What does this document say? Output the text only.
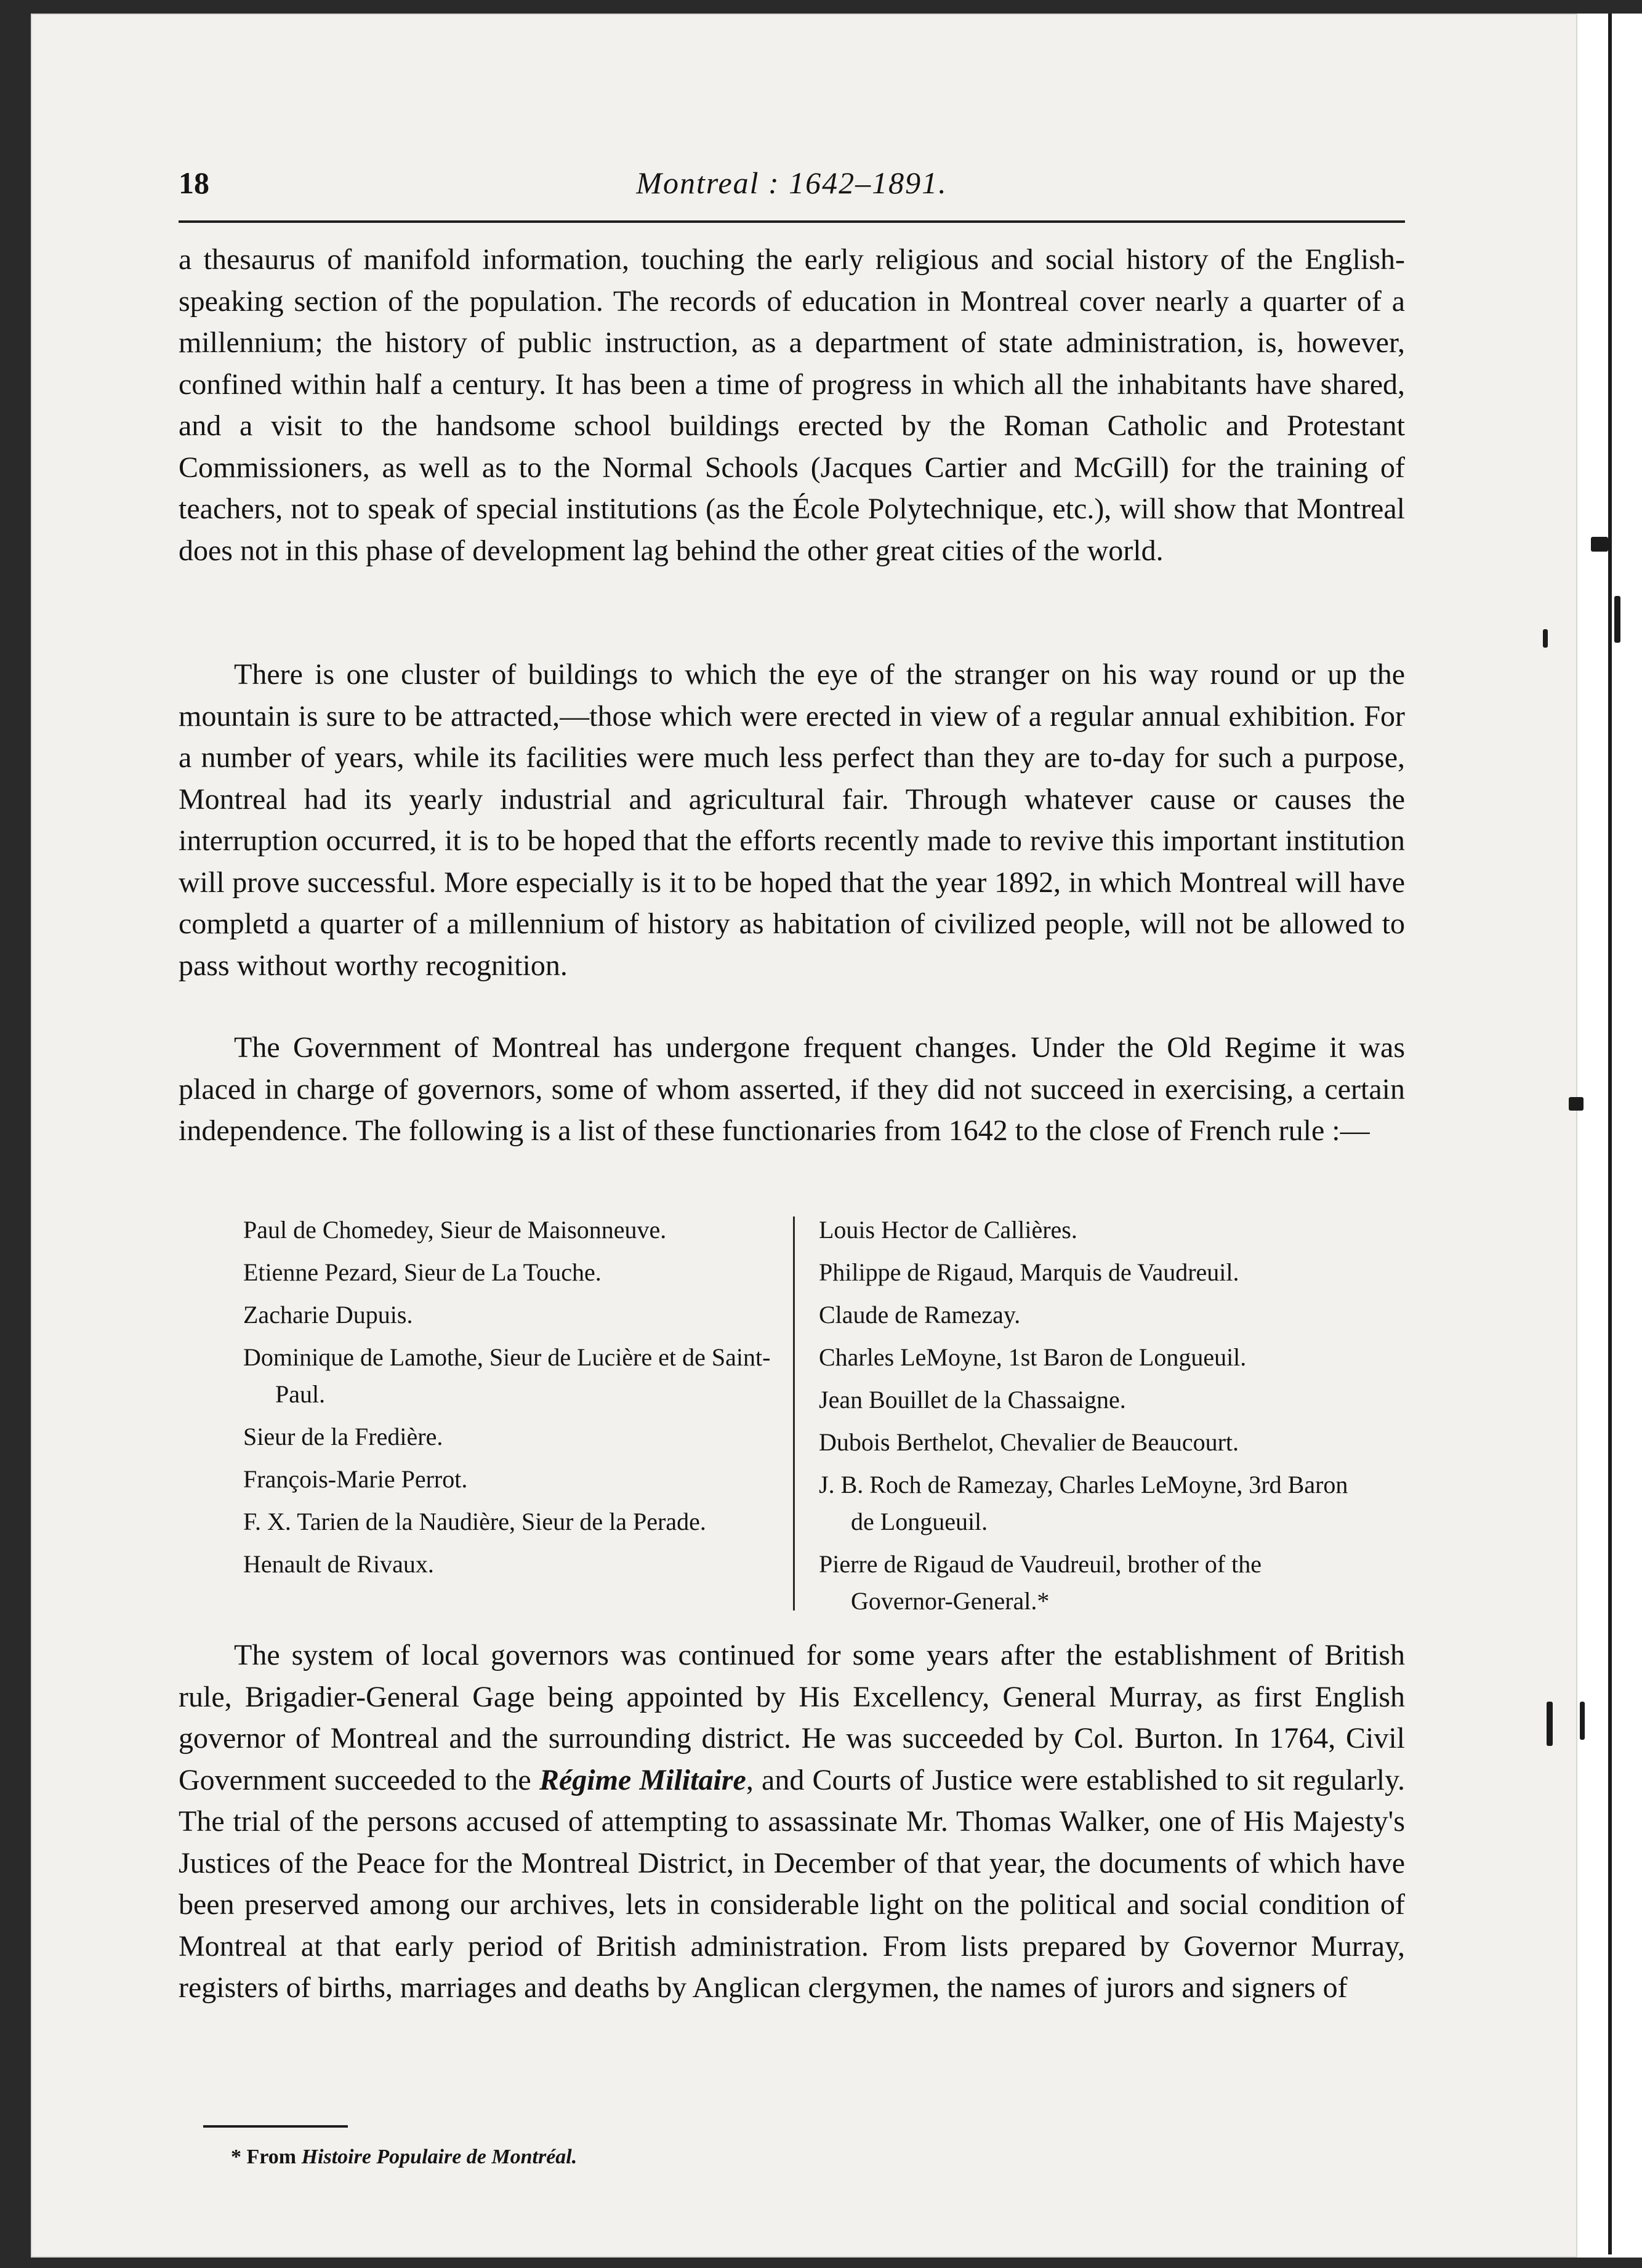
18	Montreal : 1642–1891.

a thesaurus of manifold information, touching the early religious and social history of the English-speaking section of the population. The records of education in Montreal cover nearly a quarter of a millennium; the history of public instruction, as a department of state administration, is, however, confined within half a century. It has been a time of progress in which all the inhabitants have shared, and a visit to the handsome school buildings erected by the Roman Catholic and Protestant Commissioners, as well as to the Normal Schools (Jacques Cartier and McGill) for the training of teachers, not to speak of special institutions (as the École Polytechnique, etc.), will show that Montreal does not in this phase of development lag behind the other great cities of the world.

There is one cluster of buildings to which the eye of the stranger on his way round or up the mountain is sure to be attracted,—those which were erected in view of a regular annual exhibition. For a number of years, while its facilities were much less perfect than they are to-day for such a purpose, Montreal had its yearly industrial and agricultural fair. Through whatever cause or causes the interruption occurred, it is to be hoped that the efforts recently made to revive this important institution will prove successful. More especially is it to be hoped that the year 1892, in which Montreal will have completd a quarter of a millennium of history as habitation of civilized people, will not be allowed to pass without worthy recognition.

The Government of Montreal has undergone frequent changes. Under the Old Regime it was placed in charge of governors, some of whom asserted, if they did not succeed in exercising, a certain independence. The following is a list of these functionaries from 1642 to the close of French rule :—

Paul de Chomedey, Sieur de Maisonneuve.
Etienne Pezard, Sieur de La Touche.
Zacharie Dupuis.
Dominique de Lamothe, Sieur de Lucière et de Saint-Paul.
Sieur de la Fredière.
François-Marie Perrot.
F. X. Tarien de la Naudière, Sieur de la Perade.
Henault de Rivaux.
Louis Hector de Callières.
Philippe de Rigaud, Marquis de Vaudreuil.
Claude de Ramezay.
Charles LeMoyne, 1st Baron de Longueuil.
Jean Bouillet de la Chassaigne.
Dubois Berthelot, Chevalier de Beaucourt.
J. B. Roch de Ramezay, Charles LeMoyne, 3rd Baron de Longueuil.
Pierre de Rigaud de Vaudreuil, brother of the Governor-General.*

The system of local governors was continued for some years after the establishment of British rule, Brigadier-General Gage being appointed by His Excellency, General Murray, as first English governor of Montreal and the surrounding district. He was succeeded by Col. Burton. In 1764, Civil Government succeeded to the Régime Militaire, and Courts of Justice were established to sit regularly. The trial of the persons accused of attempting to assassinate Mr. Thomas Walker, one of His Majesty's Justices of the Peace for the Montreal District, in December of that year, the documents of which have been preserved among our archives, lets in considerable light on the political and social condition of Montreal at that early period of British administration. From lists prepared by Governor Murray, registers of births, marriages and deaths by Anglican clergymen, the names of jurors and signers of

* From Histoire Populaire de Montréal.
